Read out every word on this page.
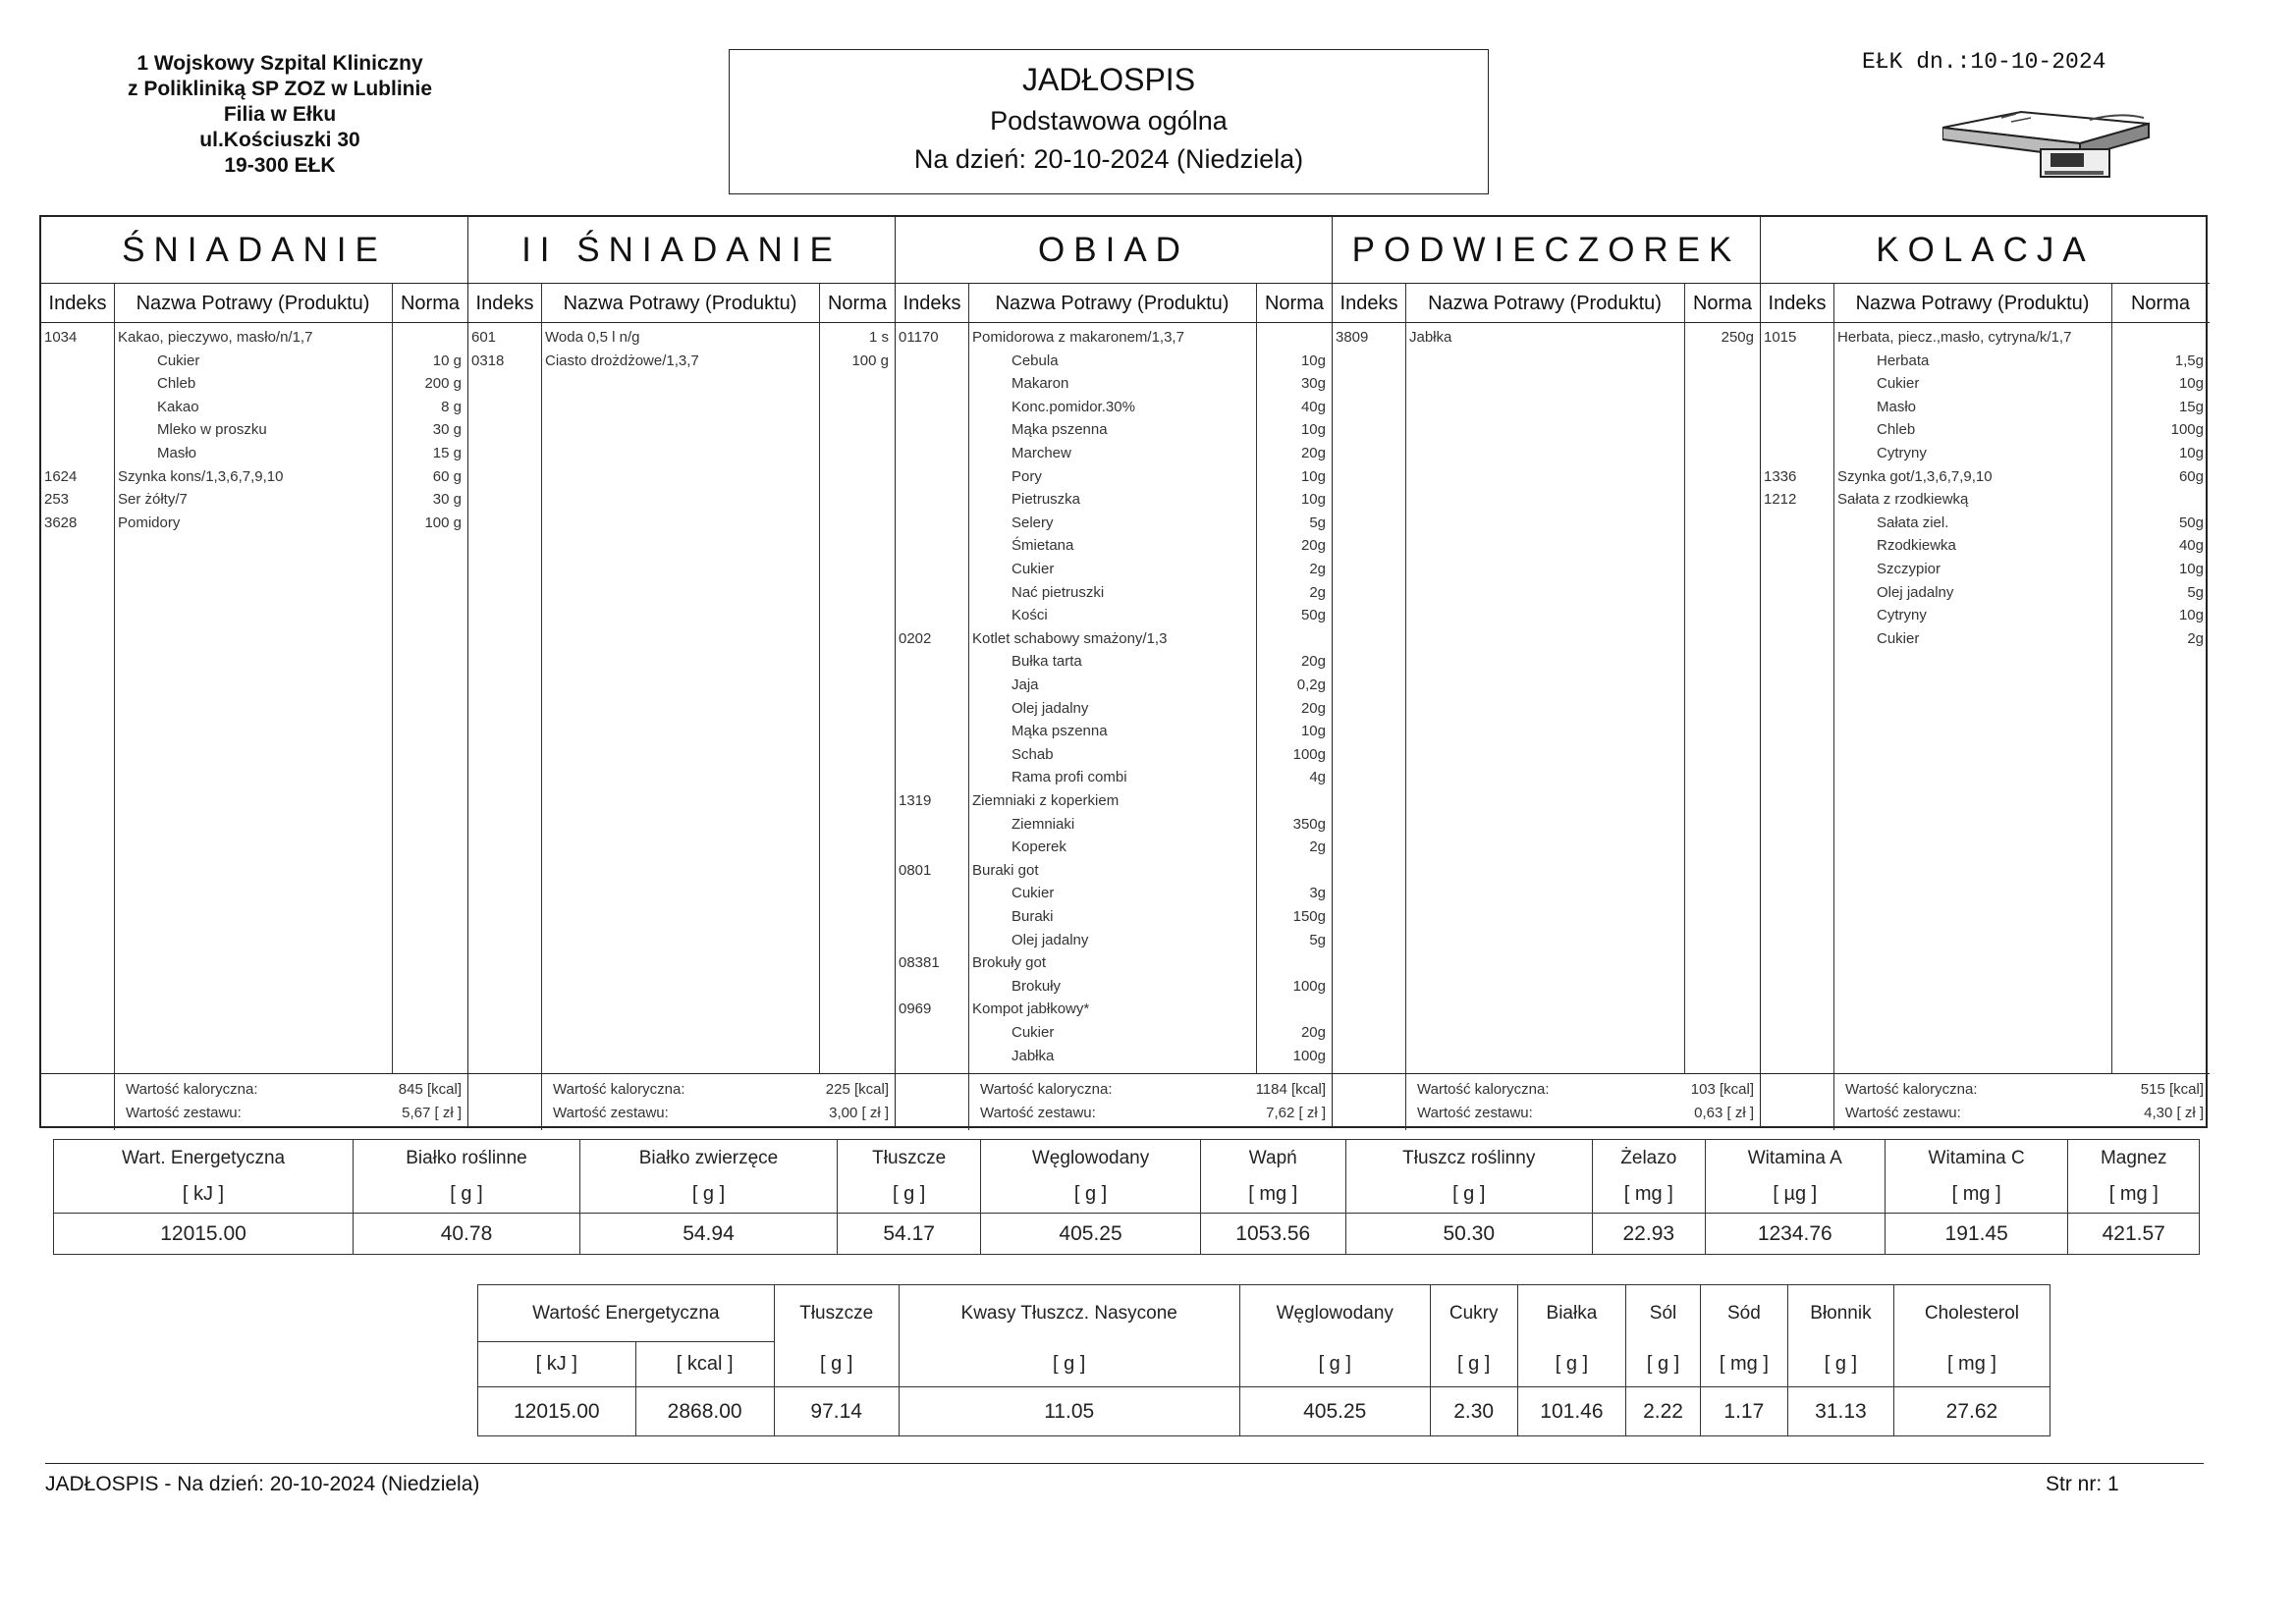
1 Wojskowy Szpital Kliniczny
z Polikliniką SP ZOZ w Lublinie
Filia w Ełku
ul.Kościuszki 30
19-300 EŁK
JADŁOSPIS
Podstawowa ogólna
Na dzień: 20-10-2024 (Niedziela)
EŁK dn.:10-10-2024
ŚNIADANIE
Indeks	Nazwa Potrawy (Produktu)	Norma
1034	Kakao, pieczywo, masło/n/1,7
Cukier	10 g
Chleb	200 g
Kakao	8 g
Mleko w proszku	30 g
Masło	15 g
1624	Szynka kons/1,3,6,7,9,10	60 g
253	Ser żółty/7	30 g
3628	Pomidory	100 g
Wartość kaloryczna:	845 [kcal]
Wartość zestawu:	5,67 [ zł ]
II ŚNIADANIE
Indeks	Nazwa Potrawy (Produktu)	Norma
601	Woda 0,5 l n/g	1 s
0318	Ciasto drożdżowe/1,3,7	100 g
Wartość kaloryczna:	225 [kcal]
Wartość zestawu:	3,00 [ zł ]
OBIAD
Indeks	Nazwa Potrawy (Produktu)	Norma
01170 Pomidorowa z makaronem/1,3,7
Cebula	10g
Makaron	30g
Konc.pomidor.30%	40g
Mąka pszenna	10g
Marchew	20g
Pory	10g
Pietruszka	10g
Selery	5g
Śmietana	20g
Cukier	2g
Nać pietruszki	2g
Kości	50g
0202	Kotlet schabowy smażony/1,3
Bułka tarta	20g
Jaja	0,2g
Olej jadalny	20g
Mąka pszenna	10g
Schab	100g
Rama profi combi	4g
1319	Ziemniaki z koperkiem
Ziemniaki	350g
Koperek	2g
0801	Buraki got
Cukier	3g
Buraki	150g
Olej jadalny	5g
08381 Brokuły got
Brokuły	100g
0969	Kompot jabłkowy*
Cukier	20g
Jabłka	100g
Wartość kaloryczna:	1184 [kcal]
Wartość zestawu:	7,62 [ zł ]
PODWIECZOREK
Indeks	Nazwa Potrawy (Produktu)	Norma
3809	Jabłka	250g
Wartość kaloryczna:	103 [kcal]
Wartość zestawu:	0,63 [ zł ]
KOLACJA
Indeks	Nazwa Potrawy (Produktu)	Norma
1015	Herbata, piecz.,masło, cytryna/k/1,7
Herbata	1,5g
Cukier	10g
Masło	15g
Chleb	100g
Cytryny	10g
1336	Szynka got/1,3,6,7,9,10	60g
1212	Sałata z rzodkiewką
Sałata ziel.	50g
Rzodkiewka	40g
Szczypior	10g
Olej jadalny	5g
Cytryny	10g
Cukier	2g
Wartość kaloryczna:	515 [kcal]
Wartość zestawu:	4,30 [ zł ]
Wart. Energetyczna	Białko roślinne	Białko zwierzęce	Tłuszcze	Węglowodany	Wapń	Tłuszcz roślinny	Żelazo	Witamina A	Witamina C	Magnez
[ kJ ]	[ g ]	[ g ]	[ g ]	[ g ]	[ mg ]	[ g ]	[ mg ]	[ µg ]	[ mg ]	[ mg ]
12015.00	40.78	54.94	54.17	405.25	1053.56	50.30	22.93	1234.76	191.45	421.57
Wartość Energetyczna		Tłuszcze	Kwasy Tłuszcz. Nasycone	Węglowodany	Cukry	Białka	Sól	Sód	Błonnik	Cholesterol
[ kJ ]	[ kcal ]	[ g ]	[ g ]	[ g ]	[ g ]	[ g ]	[ g ]	[ mg ]	[ g ]	[ mg ]
12015.00	2868.00	97.14	11.05	405.25	2.30	101.46	2.22	1.17	31.13	27.62
JADŁOSPIS - Na dzień: 20-10-2024 (Niedziela)	Str nr: 1
